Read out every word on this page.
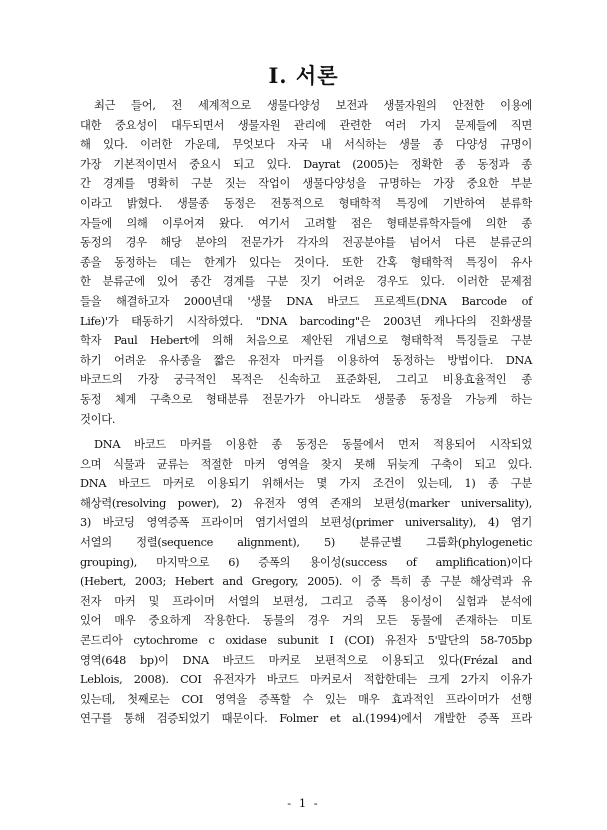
I. 서론
최근 들어, 전 세계적으로 생물다양성 보전과 생물자원의 안전한 이용에
대한 중요성이 대두되면서 생물자원 관리에 관련한 여러 가지 문제들에 직면
해 있다. 이러한 가운데, 무엇보다 자국 내 서식하는 생물 종 다양성 규명이
가장 기본적이면서 중요시 되고 있다. Dayrat (2005)는 정확한 종 동정과 종
간 경계를 명확히 구분 짓는 작업이 생물다양성을 규명하는 가장 중요한 부분
이라고 밝혔다. 생물종 동정은 전통적으로 형태학적 특징에 기반하여 분류학
자들에 의해 이루어져 왔다. 여기서 고려할 점은 형태분류학자들에 의한 종
동정의 경우 해당 분야의 전문가가 각자의 전공분야를 넘어서 다른 분류군의
종을 동정하는 데는 한계가 있다는 것이다. 또한 간혹 형태학적 특징이 유사
한 분류군에 있어 종간 경계를 구분 짓기 어려운 경우도 있다. 이러한 문제점
들을 해결하고자 2000년대 '생물 DNA 바코드 프로젝트(DNA Barcode of
Life)'가 태동하기 시작하였다. "DNA barcoding"은 2003년 캐나다의 진화생물
학자 Paul Hebert에 의해 처음으로 제안된 개념으로 형태학적 특징들로 구분
하기 어려운 유사종을 짧은 유전자 마커를 이용하여 동정하는 방법이다. DNA
바코드의 가장 궁극적인 목적은 신속하고 표준화된, 그리고 비용효율적인 종
동정 체계 구축으로 형태분류 전문가가 아니라도 생물종 동정을 가능케 하는
것이다.
DNA 바코드 마커를 이용한 종 동정은 동물에서 먼저 적용되어 시작되었
으며 식물과 균류는 적절한 마커 영역을 찾지 못해 뒤늦게 구축이 되고 있다.
DNA 바코드 마커로 이용되기 위해서는 몇 가지 조건이 있는데, 1) 종 구분
해상력(resolving power), 2) 유전자 영역 존재의 보편성(marker universality),
3) 바코딩 영역증폭 프라이머 염기서열의 보편성(primer universality), 4) 염기
서열의 정렬(sequence alignment), 5) 분류군별 그룹화(phylogenetic
grouping), 마지막으로 6) 증폭의 용이성(success of amplification)이다
(Hebert, 2003; Hebert and Gregory, 2005). 이 중 특히 종 구분 해상력과 유
전자 마커 및 프라이머 서열의 보편성, 그리고 증폭 용이성이 실험과 분석에
있어 매우 중요하게 작용한다. 동물의 경우 거의 모든 동물에 존재하는 미토
콘드리아 cytochrome c oxidase subunit I (COI) 유전자 5'말단의 58-705bp
영역(648 bp)이 DNA 바코드 마커로 보편적으로 이용되고 있다(Frézal and
Leblois, 2008). COI 유전자가 바코드 마커로서 적합한데는 크게 2가지 이유가
있는데, 첫째로는 COI 영역을 증폭할 수 있는 매우 효과적인 프라이머가 선행
연구를 통해 검증되었기 때문이다. Folmer et al.(1994)에서 개발한 증폭 프라
- 1 -
